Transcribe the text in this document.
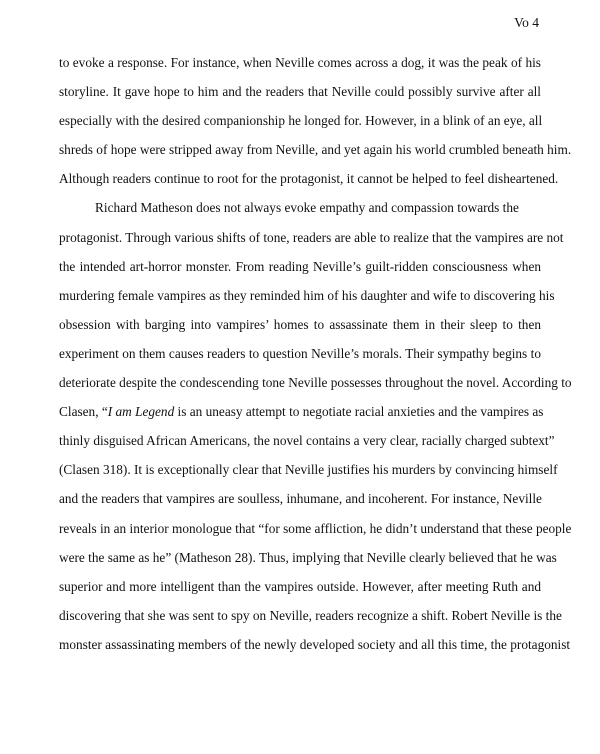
Vo 4
to evoke a response. For instance, when Neville comes across a dog, it was the peak of his
storyline. It gave hope to him and the readers that Neville could possibly survive after all
especially with the desired companionship he longed for. However, in a blink of an eye, all
shreds of hope were stripped away from Neville, and yet again his world crumbled beneath him.
Although readers continue to root for the protagonist, it cannot be helped to feel disheartened.
Richard Matheson does not always evoke empathy and compassion towards the
protagonist. Through various shifts of tone, readers are able to realize that the vampires are not
the intended art-horror monster. From reading Neville’s guilt-ridden consciousness when
murdering female vampires as they reminded him of his daughter and wife to discovering his
obsession with barging into vampires’ homes to assassinate them in their sleep to then
experiment on them causes readers to question Neville’s morals. Their sympathy begins to
deteriorate despite the condescending tone Neville possesses throughout the novel. According to
Clasen, “I am Legend is an uneasy attempt to negotiate racial anxieties and the vampires as
thinly disguised African Americans, the novel contains a very clear, racially charged subtext”
(Clasen 318). It is exceptionally clear that Neville justifies his murders by convincing himself
and the readers that vampires are soulless, inhumane, and incoherent. For instance, Neville
reveals in an interior monologue that “for some affliction, he didn’t understand that these people
were the same as he” (Matheson 28). Thus, implying that Neville clearly believed that he was
superior and more intelligent than the vampires outside. However, after meeting Ruth and
discovering that she was sent to spy on Neville, readers recognize a shift. Robert Neville is the
monster assassinating members of the newly developed society and all this time, the protagonist
